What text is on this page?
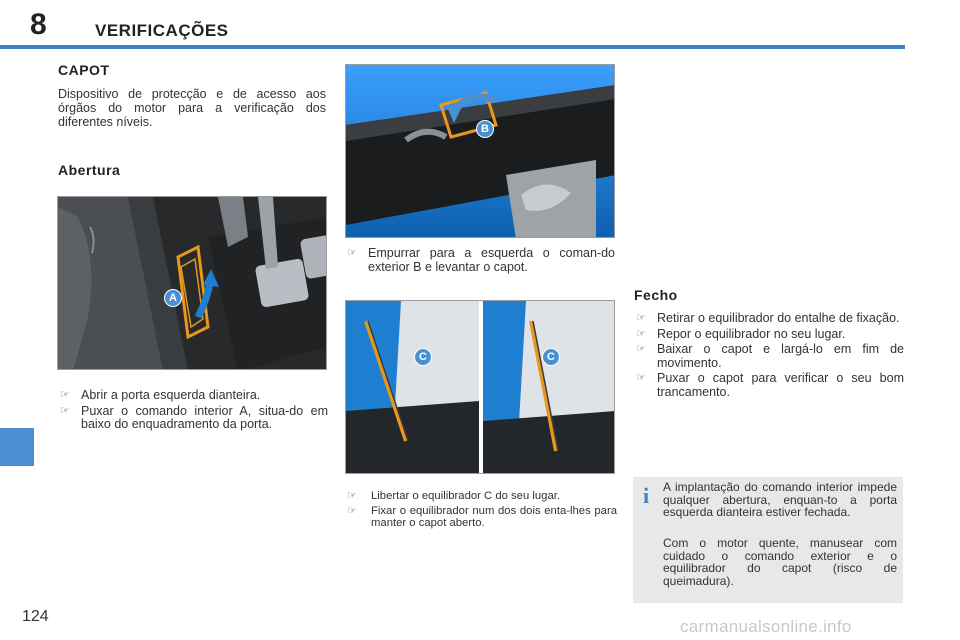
8	VERIFICAÇÕES
CAPOT
Dispositivo de protecção e de acesso aos órgãos do motor para a verificação dos diferentes níveis.
Abertura
A
☞ Abrir a porta esquerda dianteira.
☞ Puxar o comando interior A, situa-do em baixo do enquadramento da porta.
B
☞ Empurrar para a esquerda o coman-do exterior B e levantar o capot.
C	C
☞ Libertar o equilibrador C do seu lugar.
☞ Fixar o equilibrador num dos dois enta-lhes para manter o capot aberto.
Fecho
☞ Retirar o equilibrador do entalhe de fixação.
☞ Repor o equilibrador no seu lugar.
☞ Baixar o capot e largá-lo em fim de movimento.
☞ Puxar o capot para verificar o seu bom trancamento.
i A implantação do comando interior impede qualquer abertura, enquan-to a porta esquerda dianteira estiver fechada.
Com o motor quente, manusear com cuidado o comando exterior e o equilibrador do capot (risco de queimadura).
124
carmanualsonline.info
